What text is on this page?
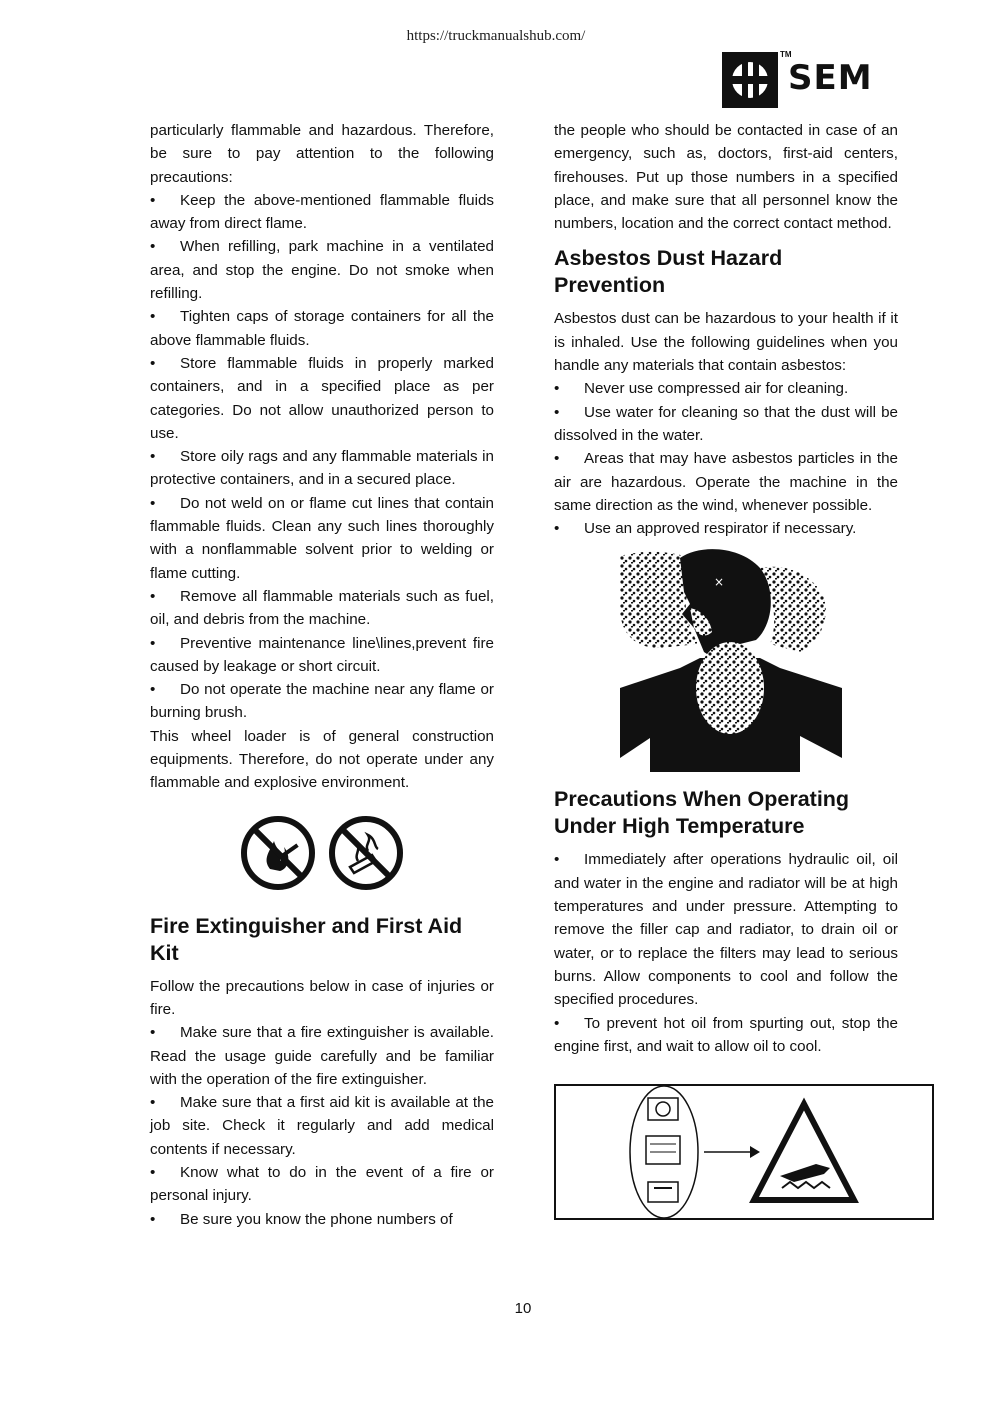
https://truckmanualshub.com/
TM
SEM

particularly flammable and hazardous. Therefore, be sure to pay attention to the following precautions:

• Keep the above-mentioned flammable fluids away from direct flame.

• When refilling, park machine in a ventilated area, and stop the engine. Do not smoke when refilling.

• Tighten caps of storage containers for all the above flammable fluids.

• Store flammable fluids in properly marked containers, and in a specified place as per categories. Do not allow unauthorized person to use.

• Store oily rags and any flammable materials in protective containers, and in a secured place.

• Do not weld on or flame cut lines that contain flammable fluids. Clean any such lines thoroughly with a nonflammable solvent prior to welding or flame cutting.

• Remove all flammable materials such as fuel, oil, and debris from the machine.

• Preventive maintenance line\lines,prevent fire caused by leakage or short circuit.

• Do not operate the machine near any flame or burning brush.

This wheel loader is of general construction equipments. Therefore, do not operate under any flammable and explosive environment.

Fire Extinguisher and First Aid Kit

Follow the precautions below in case of injuries or fire.

• Make sure that a fire extinguisher is available. Read the usage guide carefully and be familiar with the operation of the fire extinguisher.

• Make sure that a first aid kit is available at the job site. Check it regularly and add medical contents if necessary.

• Know what to do in the event of a fire or personal injury.

• Be sure you know the phone numbers of

the people who should be contacted in case of an emergency, such as, doctors, first-aid centers, firehouses. Put up those numbers in a specified place, and make sure that all personnel know the numbers, location and the correct contact method.

Asbestos Dust Hazard Prevention

Asbestos dust can be hazardous to your health if it is inhaled. Use the following guidelines when you handle any materials that contain asbestos:

• Never use compressed air for cleaning.

• Use water for cleaning so that the dust will be dissolved in the water.

• Areas that may have asbestos particles in the air are hazardous. Operate the machine in the same direction as the wind, whenever possible.

• Use an approved respirator if necessary.

×
Precautions When Operating Under High Temperature

• Immediately after operations hydraulic oil, oil and water in the engine and radiator will be at high temperatures and under pressure. Attempting to remove the filler cap and radiator, to drain oil or water, or to replace the filters may lead to serious burns. Allow components to cool and follow the specified procedures.

• To prevent hot oil from spurting out, stop the engine first, and wait to allow oil to cool.

10
